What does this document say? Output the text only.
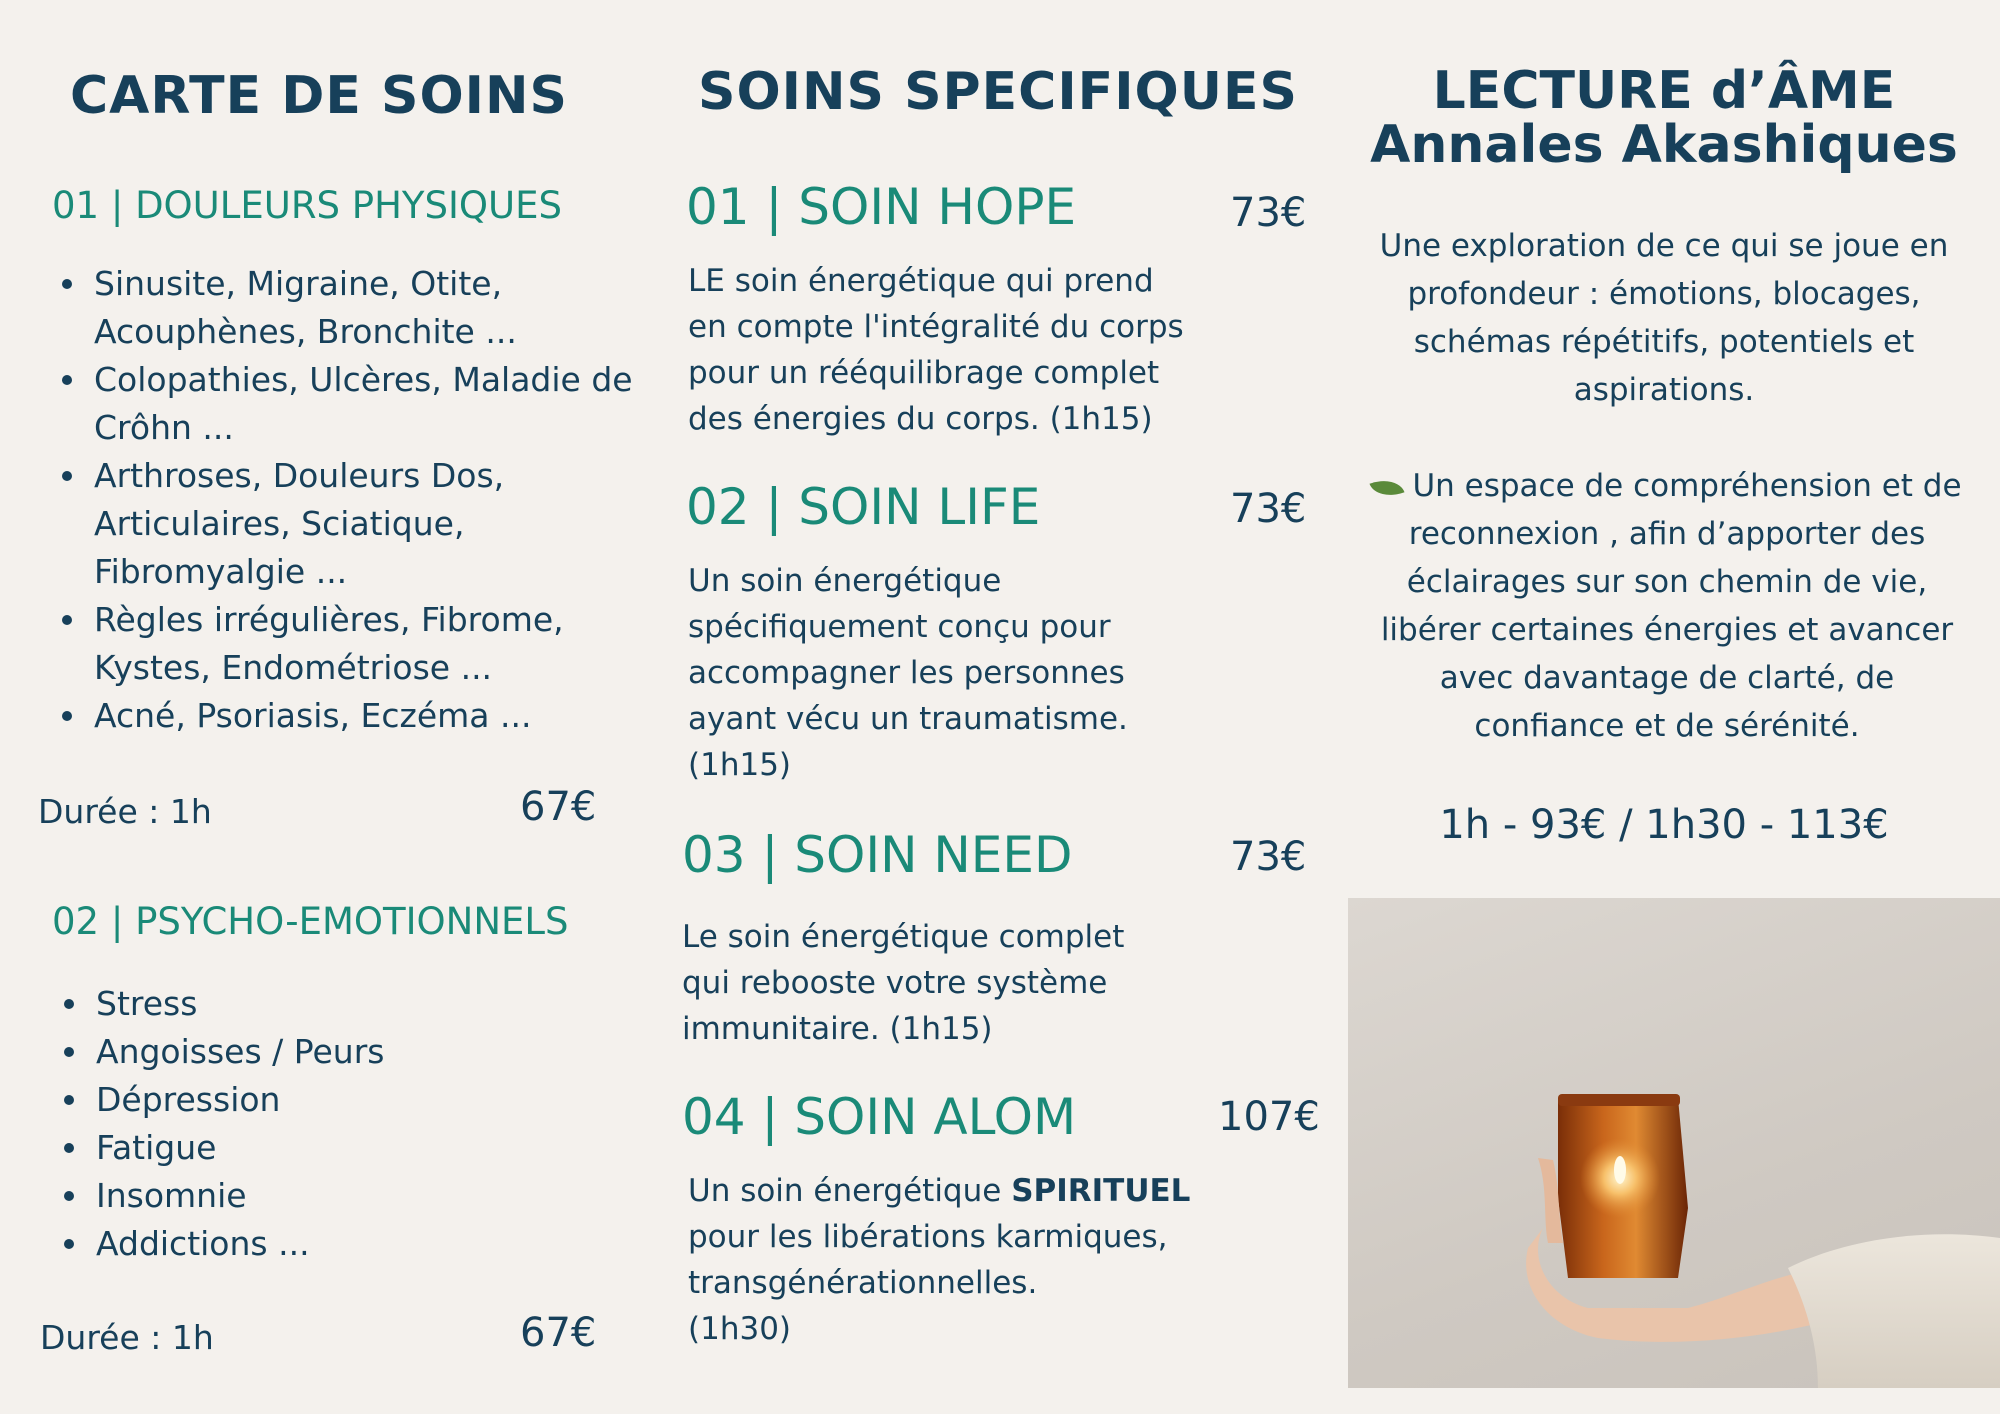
CARTE DE SOINS
01 | DOULEURS PHYSIQUES
Sinusite, Migraine, Otite, Acouphènes, Bronchite ...
Colopathies, Ulcères, Maladie de Crôhn ...
Arthroses, Douleurs Dos, Articulaires, Sciatique, Fibromyalgie ...
Règles irrégulières, Fibrome, Kystes, Endométriose ...
Acné, Psoriasis, Eczéma ...
Durée : 1h	67€
02 | PSYCHO-EMOTIONNELS
Stress
Angoisses / Peurs
Dépression
Fatigue
Insomnie
Addictions ...
Durée : 1h	67€
SOINS SPECIFIQUES
01 | SOIN HOPE	73€
LE soin énergétique qui prend en compte l'intégralité du corps pour un rééquilibrage complet des énergies du corps. (1h15)
02 | SOIN LIFE	73€
Un soin énergétique spécifiquement conçu pour accompagner les personnes ayant vécu un traumatisme. (1h15)
03 | SOIN NEED	73€
Le soin énergétique complet qui rebooste votre système immunitaire. (1h15)
04 | SOIN ALOM	107€
Un soin énergétique SPIRITUEL pour les libérations karmiques, transgénérationnelles.
(1h30)
LECTURE d’ÂME
Annales Akashiques
Une exploration de ce qui se joue en profondeur : émotions, blocages, schémas répétitifs, potentiels et aspirations.
Un espace de compréhension et de reconnexion , afin d’apporter des éclairages sur son chemin de vie, libérer certaines énergies et avancer avec davantage de clarté, de confiance et de sérénité.
1h - 93€ / 1h30 - 113€
